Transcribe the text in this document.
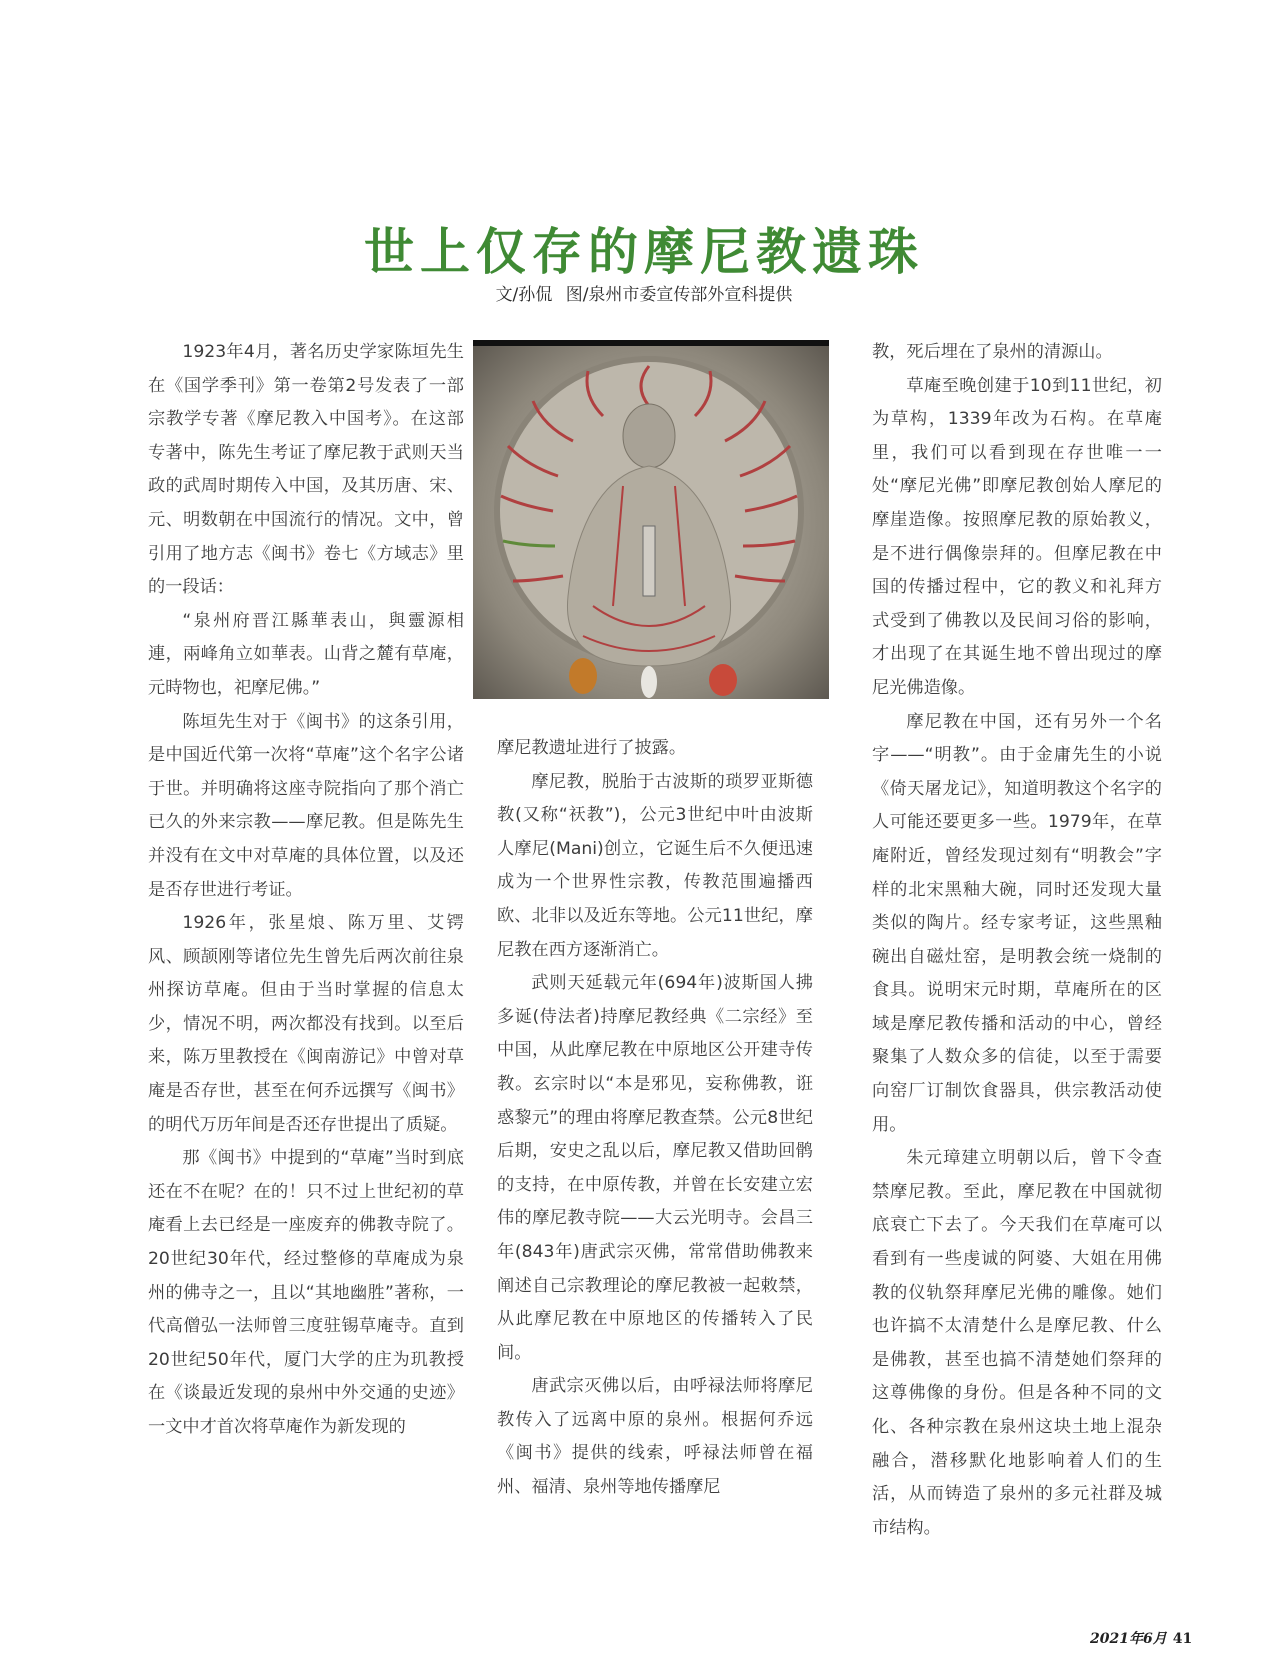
世上仅存的摩尼教遗珠
文/孙侃 图/泉州市委宣传部外宣科提供

1923年4月，著名历史学家陈垣先生在《国学季刊》第一卷第2号发表了一部宗教学专著《摩尼教入中国考》。在这部专著中，陈先生考证了摩尼教于武则天当政的武周时期传入中国，及其历唐、宋、元、明数朝在中国流行的情况。文中，曾引用了地方志《闽书》卷七《方域志》里的一段话：

“泉州府晋江縣華表山，與靈源相連，兩峰角立如華表。山背之麓有草庵，元時物也，祀摩尼佛。”

陈垣先生对于《闽书》的这条引用，是中国近代第一次将“草庵”这个名字公诸于世。并明确将这座寺院指向了那个消亡已久的外来宗教——摩尼教。但是陈先生并没有在文中对草庵的具体位置，以及还是否存世进行考证。

1926年，张星烺、陈万里、艾锷风、顾颉刚等诸位先生曾先后两次前往泉州探访草庵。但由于当时掌握的信息太少，情况不明，两次都没有找到。以至后来，陈万里教授在《闽南游记》中曾对草庵是否存世，甚至在何乔远撰写《闽书》的明代万历年间是否还存世提出了质疑。

那《闽书》中提到的“草庵”当时到底还在不在呢？在的！只不过上世纪初的草庵看上去已经是一座废弃的佛教寺院了。20世纪30年代，经过整修的草庵成为泉州的佛寺之一，且以“其地幽胜”著称，一代高僧弘一法师曾三度驻锡草庵寺。直到20世纪50年代，厦门大学的庄为玑教授在《谈最近发现的泉州中外交通的史迹》一文中才首次将草庵作为新发现的

摩尼教遗址进行了披露。

摩尼教，脱胎于古波斯的琐罗亚斯德教(又称“祆教”)，公元3世纪中叶由波斯人摩尼(Mani)创立，它诞生后不久便迅速成为一个世界性宗教，传教范围遍播西欧、北非以及近东等地。公元11世纪，摩尼教在西方逐渐消亡。

武则天延载元年(694年)波斯国人拂多诞(侍法者)持摩尼教经典《二宗经》至中国，从此摩尼教在中原地区公开建寺传教。玄宗时以“本是邪见，妄称佛教，诳惑黎元”的理由将摩尼教查禁。公元8世纪后期，安史之乱以后，摩尼教又借助回鹘的支持，在中原传教，并曾在长安建立宏伟的摩尼教寺院——大云光明寺。会昌三年(843年)唐武宗灭佛，常常借助佛教来阐述自己宗教理论的摩尼教被一起敕禁，从此摩尼教在中原地区的传播转入了民间。

唐武宗灭佛以后，由呼禄法师将摩尼教传入了远离中原的泉州。根据何乔远《闽书》提供的线索，呼禄法师曾在福州、福清、泉州等地传播摩尼

教，死后埋在了泉州的清源山。

草庵至晚创建于10到11世纪，初为草构，1339年改为石构。在草庵里，我们可以看到现在存世唯一一处“摩尼光佛”即摩尼教创始人摩尼的摩崖造像。按照摩尼教的原始教义，是不进行偶像崇拜的。但摩尼教在中国的传播过程中，它的教义和礼拜方式受到了佛教以及民间习俗的影响，才出现了在其诞生地不曾出现过的摩尼光佛造像。

摩尼教在中国，还有另外一个名字——“明教”。由于金庸先生的小说《倚天屠龙记》，知道明教这个名字的人可能还要更多一些。1979年，在草庵附近，曾经发现过刻有“明教会”字样的北宋黑釉大碗，同时还发现大量类似的陶片。经专家考证，这些黑釉碗出自磁灶窑，是明教会统一烧制的食具。说明宋元时期，草庵所在的区域是摩尼教传播和活动的中心，曾经聚集了人数众多的信徒，以至于需要向窑厂订制饮食器具，供宗教活动使用。

朱元璋建立明朝以后，曾下令查禁摩尼教。至此，摩尼教在中国就彻底衰亡下去了。今天我们在草庵可以看到有一些虔诚的阿婆、大姐在用佛教的仪轨祭拜摩尼光佛的雕像。她们也许搞不太清楚什么是摩尼教、什么是佛教，甚至也搞不清楚她们祭拜的这尊佛像的身份。但是各种不同的文化、各种宗教在泉州这块土地上混杂融合，潜移默化地影响着人们的生活，从而铸造了泉州的多元社群及城市结构。

2021年6月 41
